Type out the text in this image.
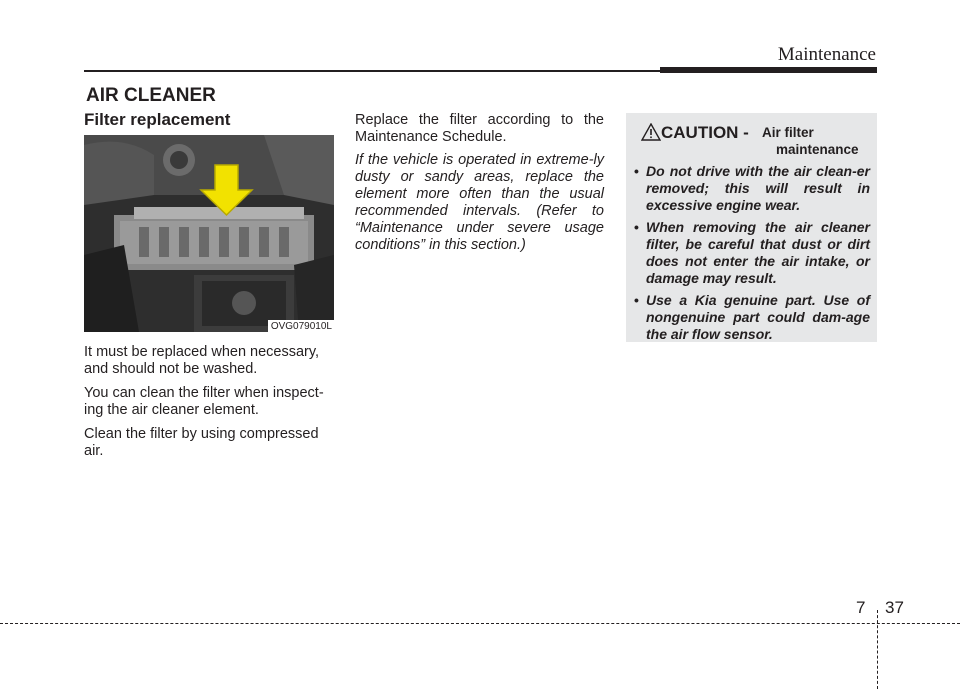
Maintenance
AIR CLEANER
Filter replacement
OVG079010L

It must be replaced when necessary, and should not be washed.

You can clean the filter when inspect-ing the air cleaner element.

Clean the filter by using compressed air.

Replace the filter according to the Maintenance Schedule.

If the vehicle is operated in extreme-ly dusty or sandy areas, replace the element more often than the usual recommended intervals. (Refer to “Maintenance under severe usage conditions” in this section.)

CAUTION - Air filter
maintenance
• Do not drive with the air clean-er removed; this will result in excessive engine wear.
• When removing the air cleaner filter, be careful that dust or dirt does not enter the air intake, or damage may result.
• Use a Kia genuine part. Use of nongenuine part could dam-age the air flow sensor.
7 37
